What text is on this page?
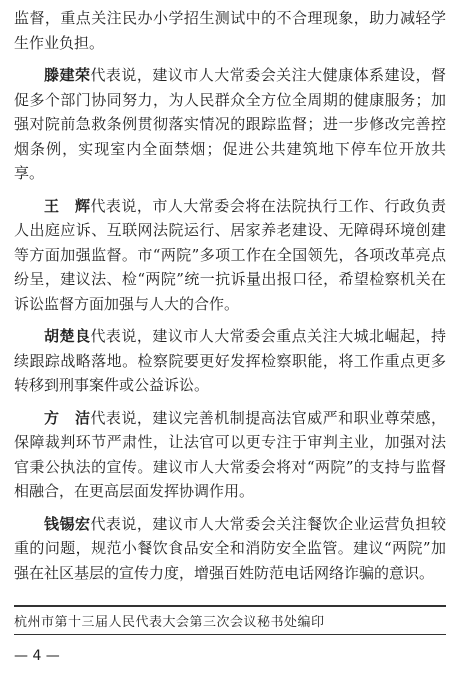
监督，重点关注民办小学招生测试中的不合理现象，助力减轻学生作业负担。

滕建荣代表说，建议市人大常委会关注大健康体系建设，督促多个部门协同努力，为人民群众全方位全周期的健康服务；加强对院前急救条例贯彻落实情况的跟踪监督；进一步修改完善控烟条例，实现室内全面禁烟；促进公共建筑地下停车位开放共享。

王　辉代表说，市人大常委会将在法院执行工作、行政负责人出庭应诉、互联网法院运行、居家养老建设、无障碍环境创建等方面加强监督。市“两院”多项工作在全国领先，各项改革亮点纷呈，建议法、检“两院”统一抗诉量出报口径，希望检察机关在诉讼监督方面加强与人大的合作。

胡楚良代表说，建议市人大常委会重点关注大城北崛起，持续跟踪战略落地。检察院要更好发挥检察职能，将工作重点更多转移到刑事案件或公益诉讼。

方　洁代表说，建议完善机制提高法官威严和职业尊荣感，保障裁判环节严肃性，让法官可以更专注于审判主业，加强对法官秉公执法的宣传。建议市人大常委会将对“两院”的支持与监督相融合，在更高层面发挥协调作用。

钱锡宏代表说，建议市人大常委会关注餐饮企业运营负担较重的问题，规范小餐饮食品安全和消防安全监管。建议“两院”加强在社区基层的宣传力度，增强百姓防范电话网络诈骗的意识。

杭州市第十三届人民代表大会第三次会议秘书处编印
— 4 —
